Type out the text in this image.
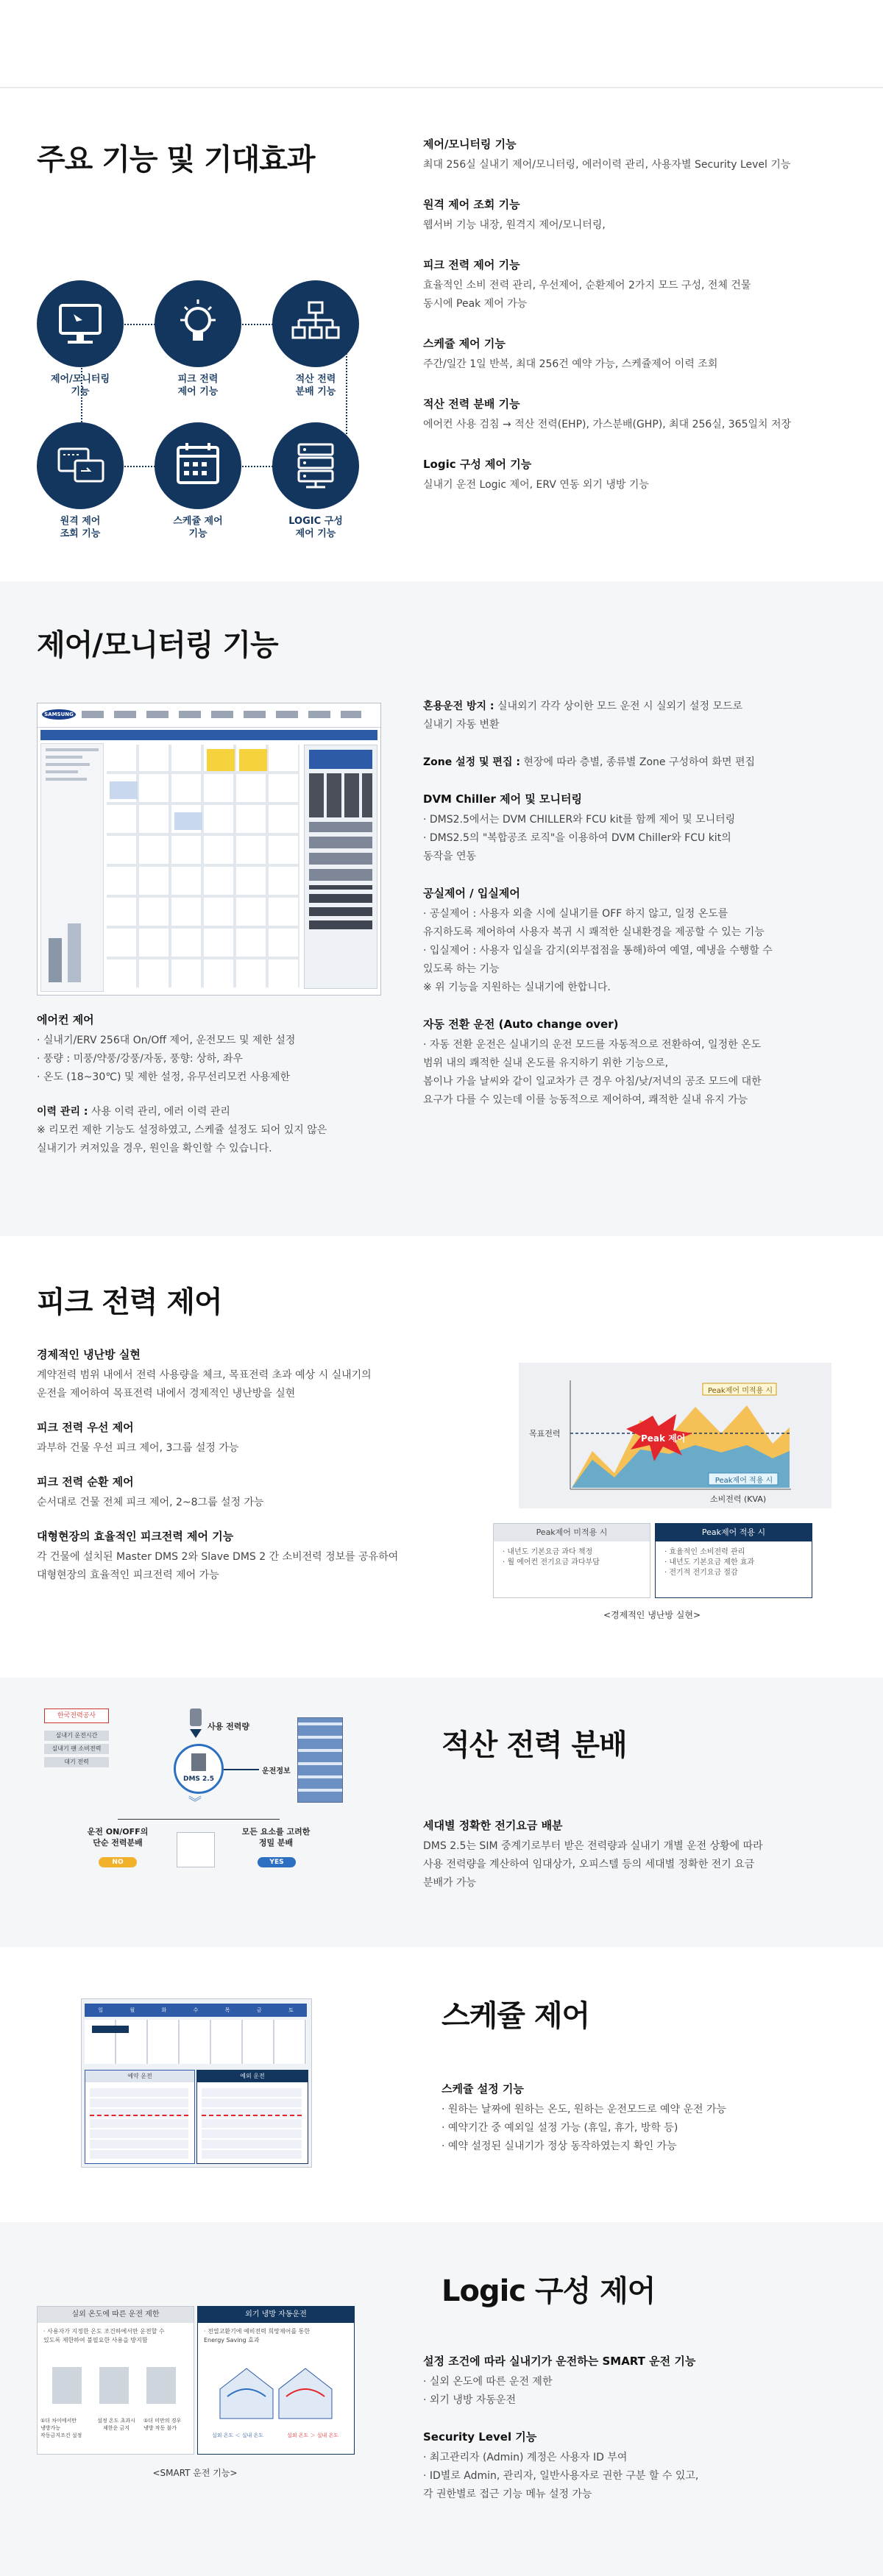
주요 기능 및 기대효과
제어/모니터링
기능
피크 전력
제어 기능
적산 전력
분배 기능
원격 제어
조회 기능
스케쥴 제어
기능
LOGIC 구성
제어 기능

제어/모니터링 기능

최대 256실 실내기 제어/모니터링, 에러이력 관리, 사용자별 Security Level 기능

원격 제어 조회 기능

웹서버 기능 내장, 원격지 제어/모니터링,

피크 전력 제어 기능

효율적인 소비 전력 관리, 우선제어, 순환제어 2가지 모드 구성, 전체 건물
동시에 Peak 제어 가능

스케쥴 제어 기능

주간/일간 1일 반복, 최대 256건 예약 가능, 스케쥴제어 이력 조회

적산 전력 분배 기능

에어컨 사용 검침 → 적산 전력(EHP), 가스분배(GHP), 최대 256실, 365일치 저장

Logic 구성 제어 기능

실내기 운전 Logic 제어, ERV 연동 외기 냉방 기능

제어/모니터링 기능
SAMSUNG

에어컨 제어

· 실내기/ERV 256대 On/Off 제어, 운전모드 및 제한 설정
· 풍량 : 미풍/약풍/강풍/자동, 풍향: 상하, 좌우
· 온도 (18~30℃) 및 제한 설정, 유무선리모컨 사용제한

이력 관리 : 사용 이력 관리, 에러 이력 관리

※ 리모컨 제한 기능도 설정하였고, 스케쥴 설정도 되어 있지 않은
실내기가 켜져있을 경우, 원인을 확인할 수 있습니다.

혼용운전 방지 : 실내외기 각각 상이한 모드 운전 시 실외기 설정 모드로
실내기 자동 변환

Zone 설정 및 편집 : 현장에 따라 층별, 종류별 Zone 구성하여 화면 편집

DVM Chiller 제어 및 모니터링

· DMS2.5에서는 DVM CHILLER와 FCU kit를 함께 제어 및 모니터링
· DMS2.5의 "복합공조 로직"을 이용하여 DVM Chiller와 FCU kit의
동작을 연동

공실제어 / 입실제어

· 공실제어 : 사용자 외출 시에 실내기를 OFF 하지 않고, 일정 온도를
유지하도록 제어하여 사용자 복귀 시 쾌적한 실내환경을 제공할 수 있는 기능
· 입실제어 : 사용자 입실을 감지(외부접점을 통해)하여 예열, 예냉을 수행할 수
있도록 하는 기능
※ 위 기능을 지원하는 실내기에 한합니다.

자동 전환 운전 (Auto change over)

· 자동 전환 운전은 실내기의 운전 모드를 자동적으로 전환하여, 일정한 온도
범위 내의 쾌적한 실내 온도를 유지하기 위한 기능으로,
봄이나 가을 날씨와 같이 일교차가 큰 경우 아침/낮/저녁의 공조 모드에 대한
요구가 다를 수 있는데 이를 능동적으로 제어하여, 쾌적한 실내 유지 가능

피크 전력 제어

경제적인 냉난방 실현

계약전력 범위 내에서 전력 사용량을 체크, 목표전력 초과 예상 시 실내기의
운전을 제어하여 목표전력 내에서 경제적인 냉난방을 실현

피크 전력 우선 제어

과부하 건물 우선 피크 제어, 3그룹 설정 가능

피크 전력 순환 제어

순서대로 건물 전체 피크 제어, 2~8그룹 설정 가능

대형현장의 효율적인 피크전력 제어 기능

각 건물에 설치된 Master DMS 2와 Slave DMS 2 간 소비전력 정보를 공유하여
대형현장의 효율적인 피크전력 제어 가능

목표전력
소비전력 (KVA)
Peak 제어
Peak제어 미적용 시
Peak제어 적용 시
Peak제어 미적용 시
· 내년도 기본요금 과다 책정
· 월 에어컨 전기요금 과다부담
Peak제어 적용 시
· 효율적인 소비전력 관리
· 내년도 기본요금 제한 효과
· 전기적 전기요금 절감
<경제적인 냉난방 실현>
한국전력공사
실내기 운전시간
실내기 팬 소비전력
대기 전력
사용 전력량
DMS 2.5
운전정보
︾
운전 ON/OFF의
단순 전력분배
NO
모든 요소를 고려한
정밀 분배
YES
적산 전력 분배

세대별 정확한 전기요금 배분

DMS 2.5는 SIM 중계기로부터 받은 전력량과 실내기 개별 운전 상황에 따라
사용 전력량을 계산하여 임대상가, 오피스텔 등의 세대별 정확한 전기 요금
분배가 가능

일	월	화	수	목	금	토
예약 운전	예외 운전
스케쥴 제어

스케쥴 설정 기능

· 원하는 날짜에 원하는 온도, 원하는 운전모드로 예약 운전 가능
· 예약기간 중 예외일 설정 가능 (휴일, 휴가, 방학 등)
· 예약 설정된 실내기가 정상 동작하였는지 확인 가능

실외 온도에 따른 운전 제한
· 사용자가 지정한 온도 조건하에서만 운전할 수
있도록 제한하여 불필요한 사용을 방지함
①더 차이에서만
냉방가능
작동금지조건 설정
설정 온도 초과시
제한운 금지
①더 미만의 경우
냉방 작동 불가
외기 냉방 자동운전
· 전열교환기에 예비전력 희망제어를 통한
Energy Saving 효과
실외 온도 ＜ 실내 온도	실외 온도 ＞ 실내 온도
<SMART 운전 기능>
Logic 구성 제어

설정 조건에 따라 실내기가 운전하는 SMART 운전 기능

· 실외 온도에 따른 운전 제한
· 외기 냉방 자동운전

Security Level 기능

· 최고관리자 (Admin) 계정은 사용자 ID 부여
· ID별로 Admin, 관리자, 일반사용자로 권한 구분 할 수 있고,
각 권한별로 접근 기능 메뉴 설정 가능
